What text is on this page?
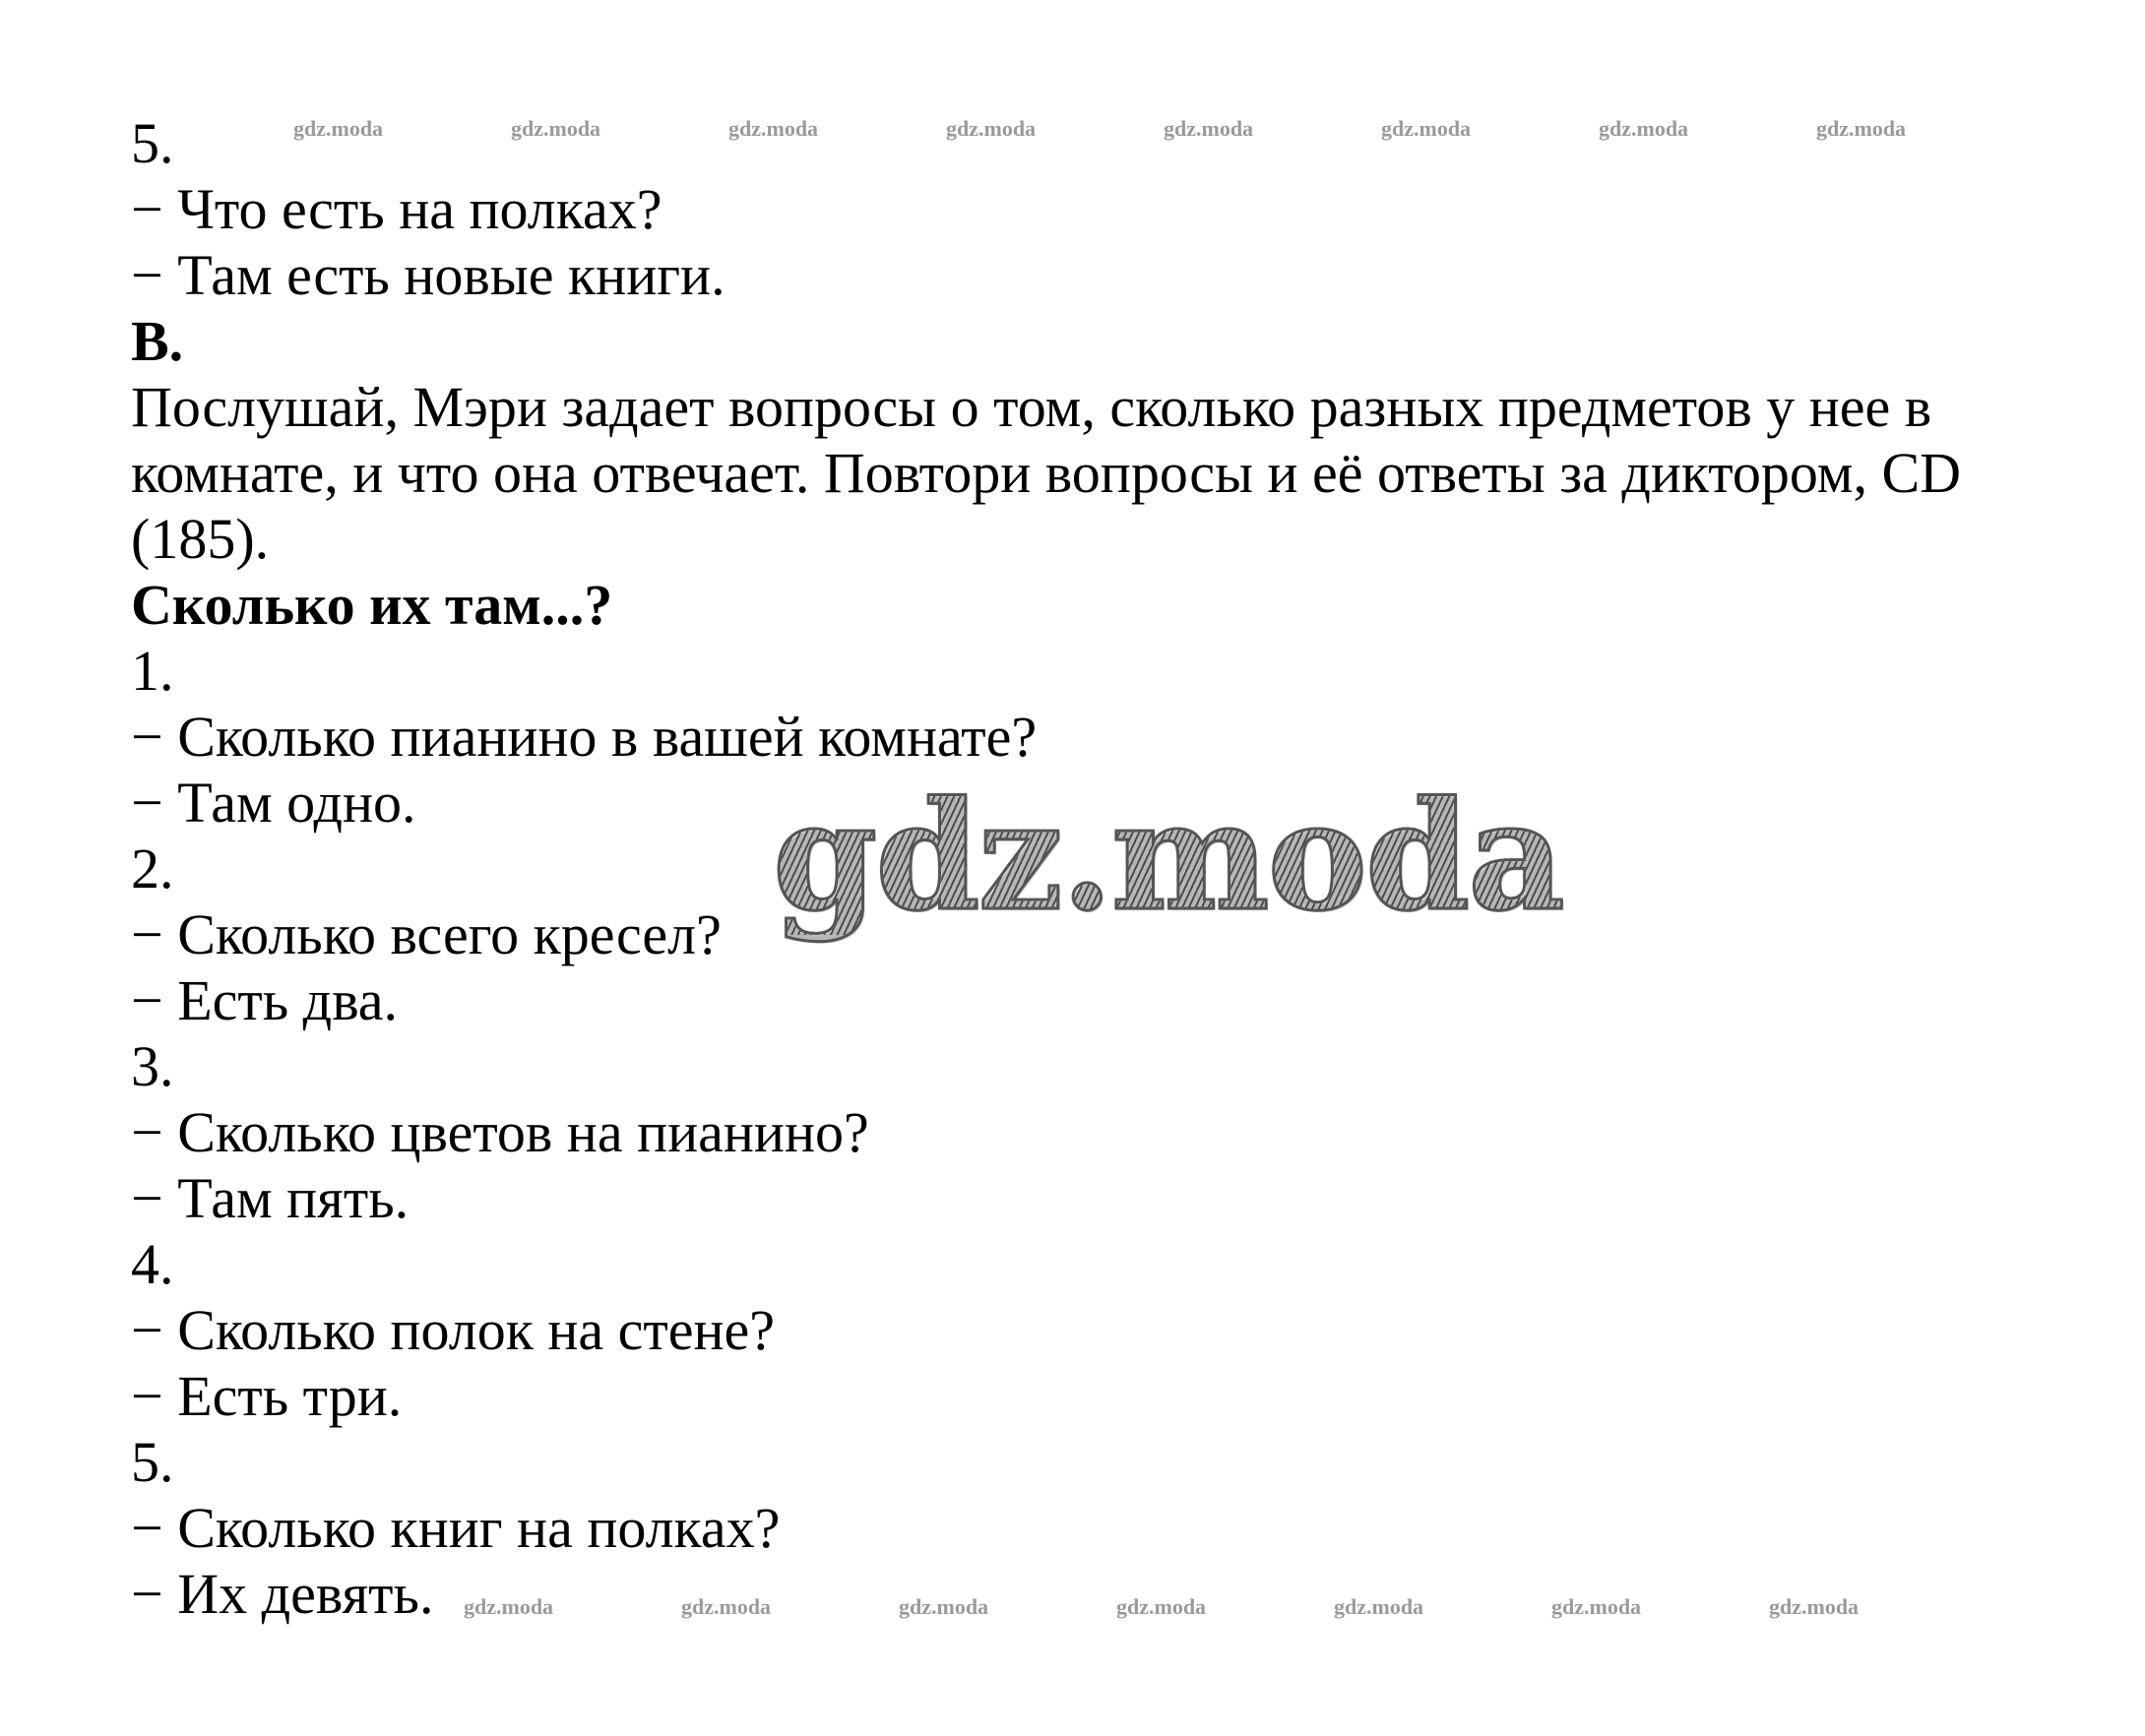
5.
− Что есть на полках?
− Там есть новые книги.
B.
Послушай, Мэри задает вопросы о том, сколько разных предметов у нее в
комнате, и что она отвечает. Повтори вопросы и её ответы за диктором, CD
(185).
Сколько их там...?
1.
− Сколько пианино в вашей комнате?
− Там одно.
2.
− Сколько всего кресел?
− Есть два.
3.
− Сколько цветов на пианино?
− Там пять.
4.
− Сколько полок на стене?
− Есть три.
5.
− Сколько книг на полках?
− Их девять.
gdz.moda	gdz.moda	gdz.moda	gdz.moda	gdz.moda	gdz.moda	gdz.moda	gdz.moda
gdz.moda
gdz.moda	gdz.moda	gdz.moda	gdz.moda	gdz.moda	gdz.moda	gdz.moda
